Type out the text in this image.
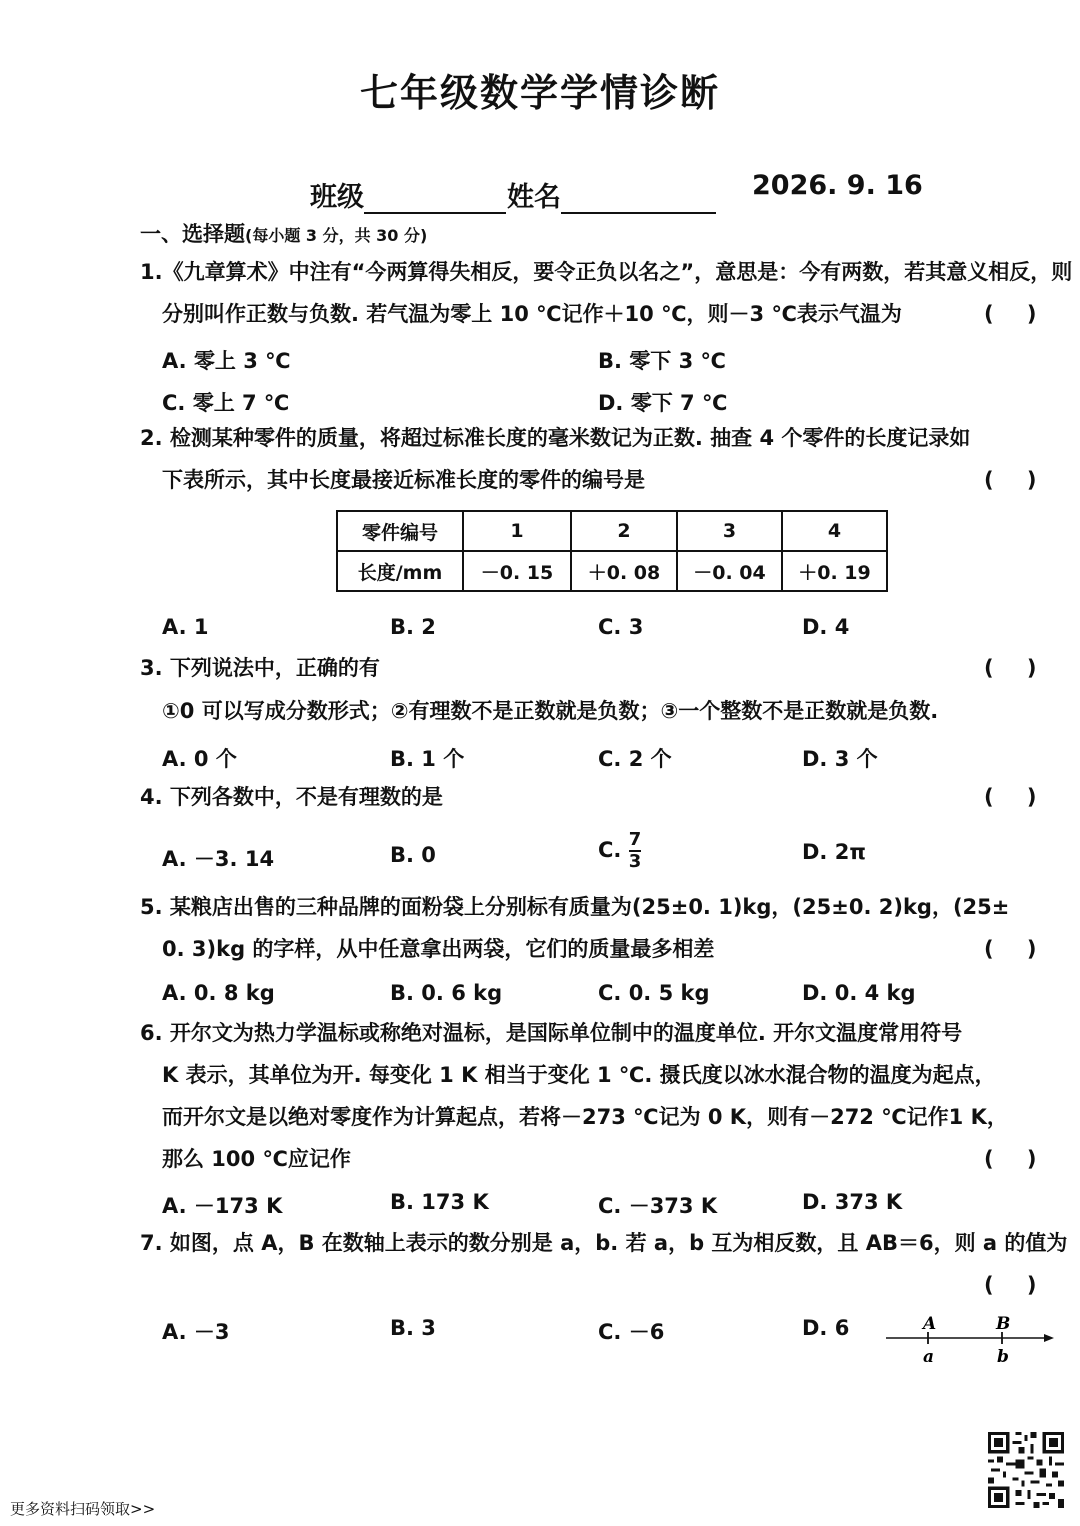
七年级数学学情诊断
班级	姓名	2026. 9. 16
一、选择题(每小题 3 分，共 30 分)
1.《九章算术》中注有“今两算得失相反，要令正负以名之”，意思是：今有两数，若其意义相反，则
分别叫作正数与负数. 若气温为零上 10 ℃记作＋10 ℃，则－3 ℃表示气温为	( )
A. 零上 3 ℃	B. 零下 3 ℃
C. 零上 7 ℃	D. 零下 7 ℃
2. 检测某种零件的质量，将超过标准长度的毫米数记为正数. 抽查 4 个零件的长度记录如
下表所示，其中长度最接近标准长度的零件的编号是	( )
零件编号	1	2	3	4
长度/mm	－0. 15	＋0. 08	－0. 04	＋0. 19
A. 1	B. 2	C. 3	D. 4
3. 下列说法中，正确的有	( )
①0 可以写成分数形式；②有理数不是正数就是负数；③一个整数不是正数就是负数.
A. 0 个	B. 1 个	C. 2 个	D. 3 个
4. 下列各数中，不是有理数的是	( )
A. －3. 14	B. 0	C. $\frac{7}{3}$	D. 2π
5. 某粮店出售的三种品牌的面粉袋上分别标有质量为(25±0. 1)kg，(25±0. 2)kg，(25±
0. 3)kg 的字样，从中任意拿出两袋，它们的质量最多相差	( )
A. 0. 8 kg	B. 0. 6 kg	C. 0. 5 kg	D. 0. 4 kg
6. 开尔文为热力学温标或称绝对温标，是国际单位制中的温度单位. 开尔文温度常用符号
K 表示，其单位为开. 每变化 1 K 相当于变化 1 ℃. 摄氏度以冰水混合物的温度为起点，
而开尔文是以绝对零度作为计算起点，若将－273 ℃记为 0 K，则有－272 ℃记作1 K，
那么 100 ℃应记作	( )
A. －173 K	B. 173 K	C. －373 K	D. 373 K
7. 如图，点 A，B 在数轴上表示的数分别是 a，b. 若 a，b 互为相反数，且 AB＝6，则 a 的值为
( )
A. －3	B. 3	C. －6	D. 6	A	B
a	b
更多资料扫码领取>>
